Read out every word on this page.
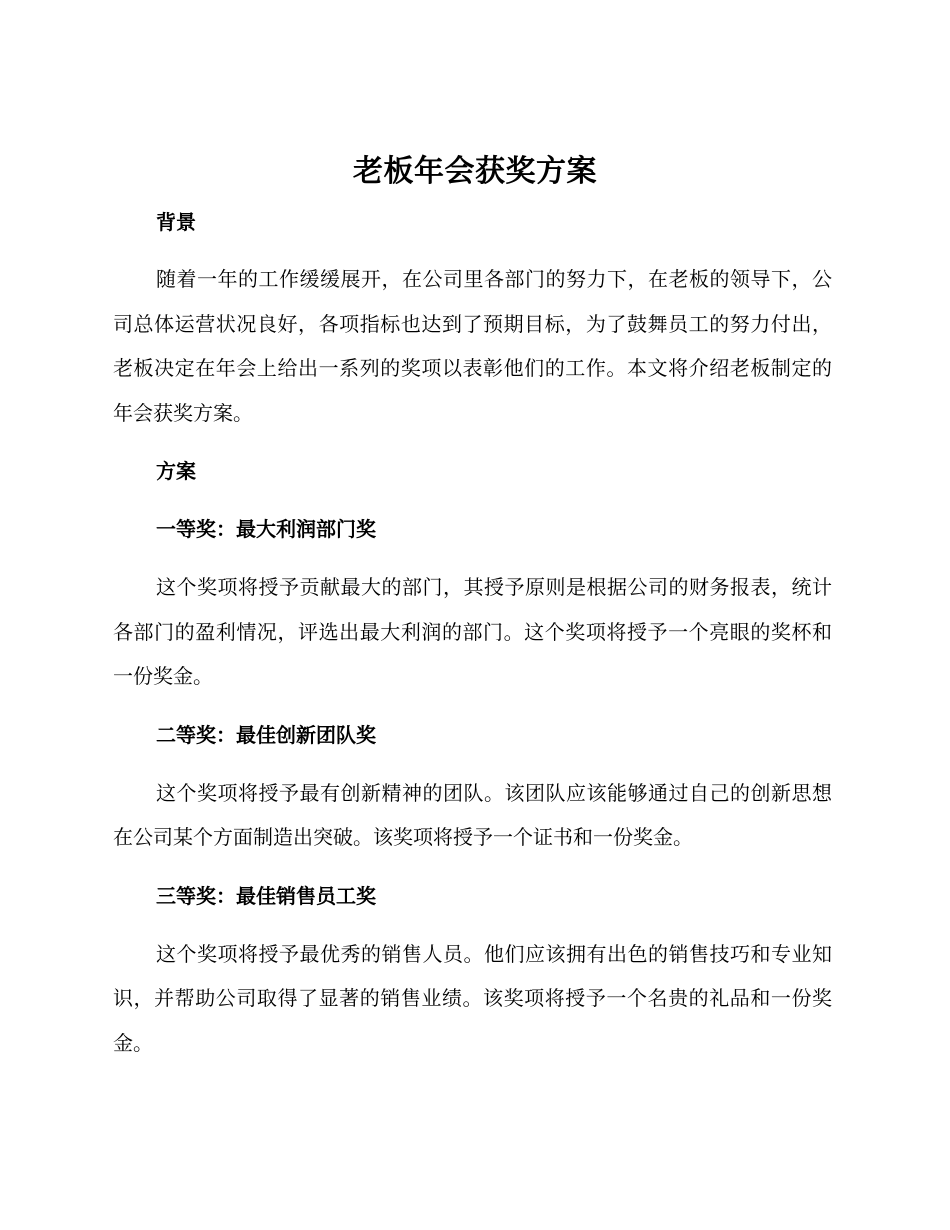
老板年会获奖方案
背景

随着一年的工作缓缓展开，在公司里各部门的努力下，在老板的领导下，公司总体运营状况良好，各项指标也达到了预期目标，为了鼓舞员工的努力付出，老板决定在年会上给出一系列的奖项以表彰他们的工作。本文将介绍老板制定的年会获奖方案。

方案
一等奖：最大利润部门奖

这个奖项将授予贡献最大的部门，其授予原则是根据公司的财务报表，统计各部门的盈利情况，评选出最大利润的部门。这个奖项将授予一个亮眼的奖杯和一份奖金。

二等奖：最佳创新团队奖

这个奖项将授予最有创新精神的团队。该团队应该能够通过自己的创新思想在公司某个方面制造出突破。该奖项将授予一个证书和一份奖金。

三等奖：最佳销售员工奖

这个奖项将授予最优秀的销售人员。他们应该拥有出色的销售技巧和专业知识，并帮助公司取得了显著的销售业绩。该奖项将授予一个名贵的礼品和一份奖金。
